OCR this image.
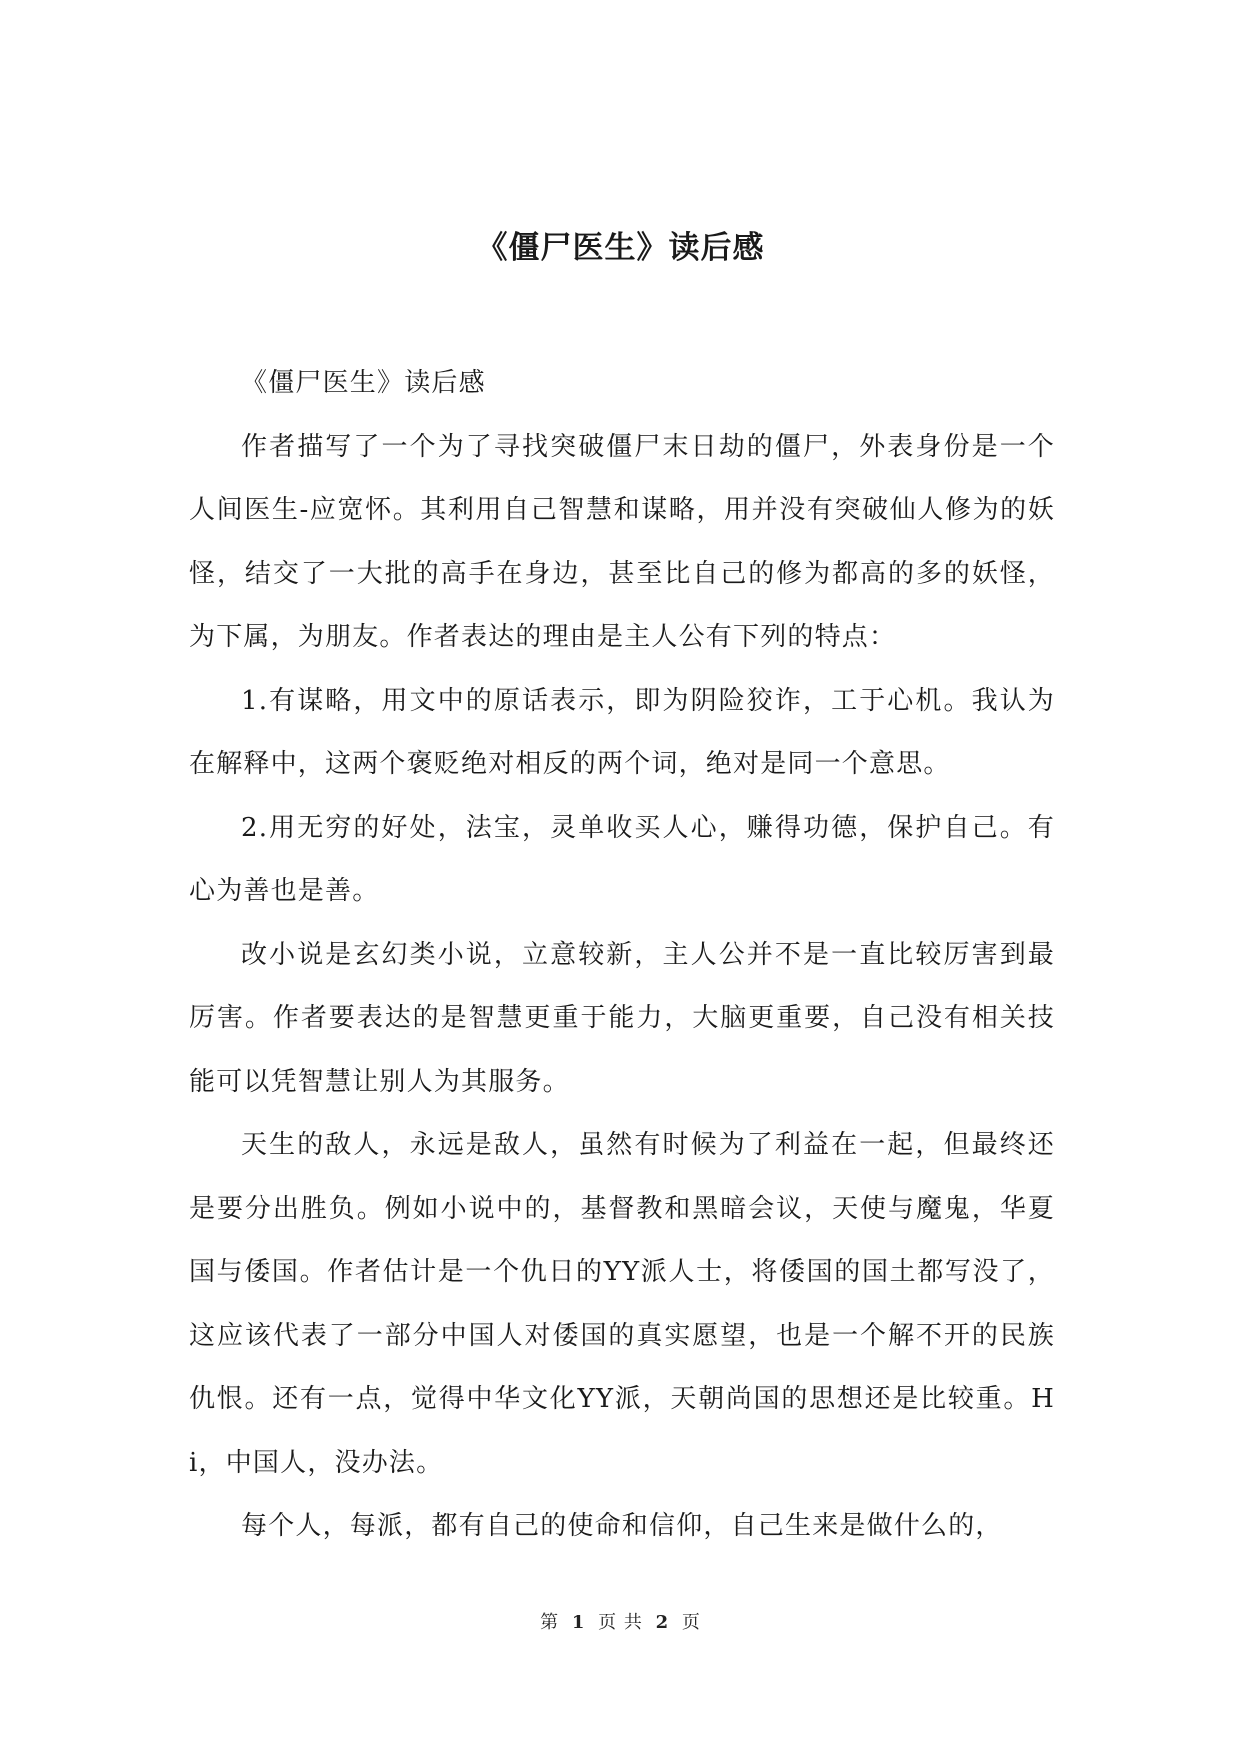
《僵尸医生》读后感

《僵尸医生》读后感

作者描写了一个为了寻找突破僵尸末日劫的僵尸，外表身份是一个人间医生-应宽怀。其利用自己智慧和谋略，用并没有突破仙人修为的妖怪，结交了一大批的高手在身边，甚至比自己的修为都高的多的妖怪，为下属，为朋友。作者表达的理由是主人公有下列的特点：

1.有谋略，用文中的原话表示，即为阴险狡诈，工于心机。我认为在解释中，这两个褒贬绝对相反的两个词，绝对是同一个意思。

2.用无穷的好处，法宝，灵单收买人心，赚得功德，保护自己。有心为善也是善。

改小说是玄幻类小说，立意较新，主人公并不是一直比较厉害到最厉害。作者要表达的是智慧更重于能力，大脑更重要，自己没有相关技能可以凭智慧让别人为其服务。

天生的敌人，永远是敌人，虽然有时候为了利益在一起，但最终还是要分出胜负。例如小说中的，基督教和黑暗会议，天使与魔鬼，华夏国与倭国。作者估计是一个仇日的YY派人士，将倭国的国土都写没了，这应该代表了一部分中国人对倭国的真实愿望，也是一个解不开的民族仇恨。还有一点，觉得中华文化YY派，天朝尚国的思想还是比较重。Hi，中国人，没办法。

每个人，每派，都有自己的使命和信仰，自己生来是做什么的，

第 1 页 共 2 页
